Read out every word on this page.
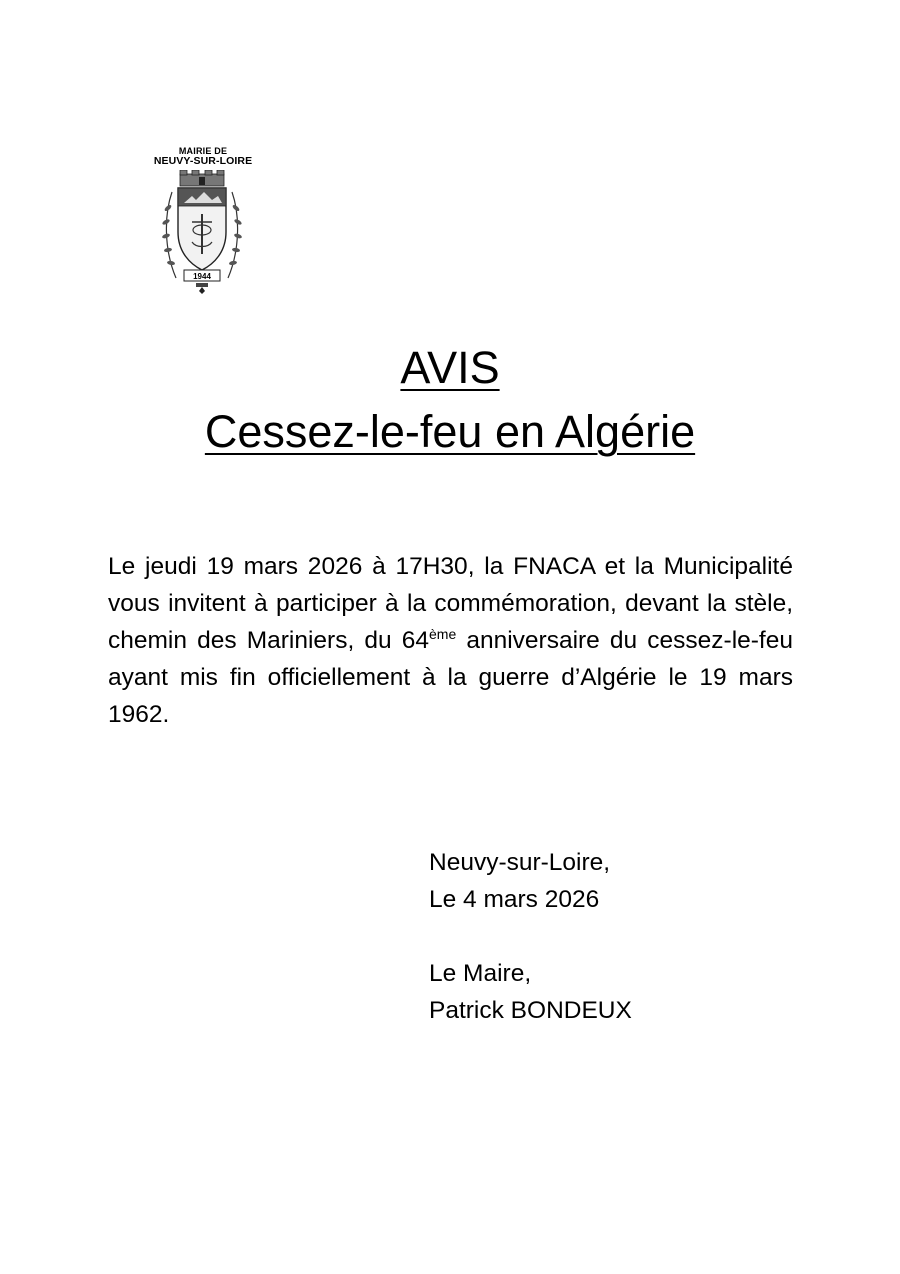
MAIRIE DE
NEUVY-SUR-LOIRE
1944
AVIS
Cessez-le-feu en Algérie
Le jeudi 19 mars 2026 à 17H30, la FNACA et la Municipalité vous invitent à participer à la commémoration, devant la stèle, chemin des Mariniers, du 64ème anniversaire du cessez-le-feu ayant mis fin officiellement à la guerre d’Algérie le 19 mars 1962.
Neuvy-sur-Loire,
Le 4 mars 2026
Le Maire,
Patrick BONDEUX
